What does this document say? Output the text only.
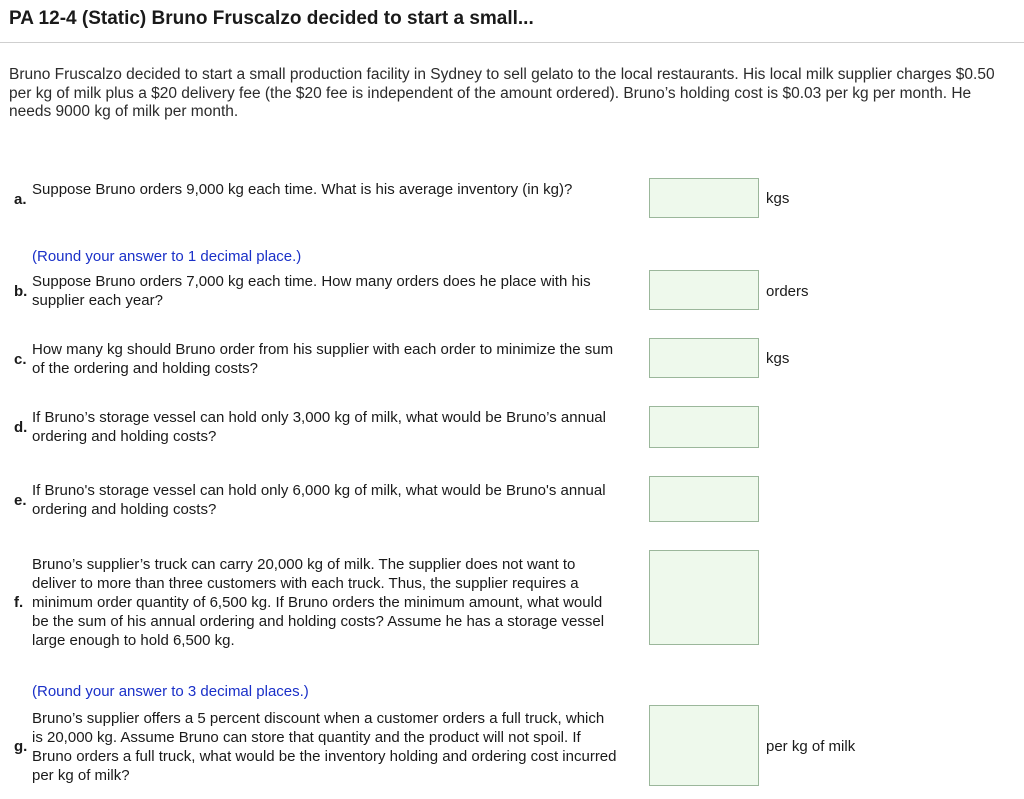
PA 12-4 (Static) Bruno Fruscalzo decided to start a small...

Bruno Fruscalzo decided to start a small production facility in Sydney to sell gelato to the local restaurants. His local milk supplier charges $0.50 per kg of milk plus a $20 delivery fee (the $20 fee is independent of the amount ordered). Bruno’s holding cost is $0.03 per kg per month. He needs 9000 kg of milk per month.

a.
Suppose Bruno orders 9,000 kg each time. What is his average inventory (in kg)?
kgs
(Round your answer to 1 decimal place.)
b.
Suppose Bruno orders 7,000 kg each time. How many orders does he place with his supplier each year?
orders
c.
How many kg should Bruno order from his supplier with each order to minimize the sum of the ordering and holding costs?
kgs
d.
If Bruno’s storage vessel can hold only 3,000 kg of milk, what would be Bruno’s annual ordering and holding costs?
e.
If Bruno's storage vessel can hold only 6,000 kg of milk, what would be Bruno's annual ordering and holding costs?
f.
Bruno’s supplier’s truck can carry 20,000 kg of milk. The supplier does not want to deliver to more than three customers with each truck. Thus, the supplier requires a minimum order quantity of 6,500 kg. If Bruno orders the minimum amount, what would be the sum of his annual ordering and holding costs? Assume he has a storage vessel large enough to hold 6,500 kg.
(Round your answer to 3 decimal places.)
g.
Bruno’s supplier offers a 5 percent discount when a customer orders a full truck, which is 20,000 kg. Assume Bruno can store that quantity and the product will not spoil. If Bruno orders a full truck, what would be the inventory holding and ordering cost incurred per kg of milk?
per kg of milk
